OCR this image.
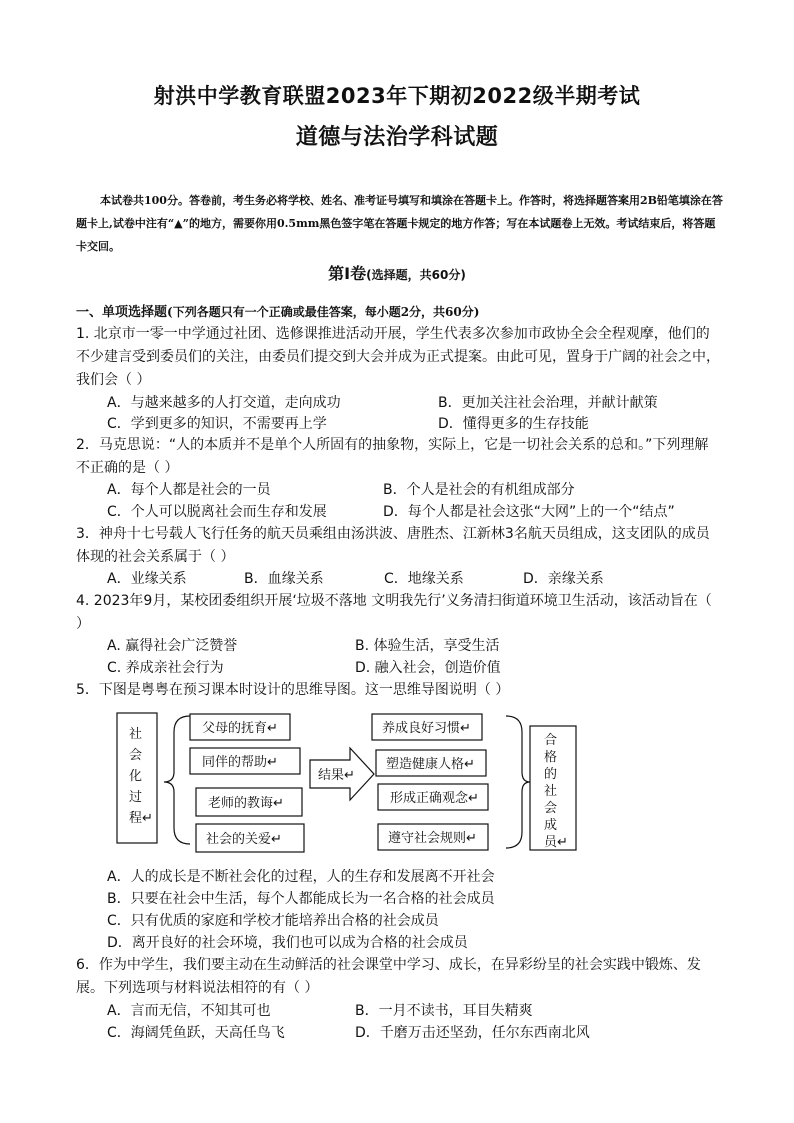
射洪中学教育联盟2023年下期初2022级半期考试
道德与法治学科试题
本试卷共100分。答卷前，考生务必将学校、姓名、准考证号填写和填涂在答题卡上。作答时，将选择题答案用2B铅笔填涂在答题卡上,试卷中注有“▲”的地方，需要你用0.5mm黑色签字笔在答题卡规定的地方作答；写在本试题卷上无效。考试结束后，将答题卡交回。
第Ⅰ卷(选择题，共60分)
一、单项选择题(下列各题只有一个正确或最佳答案，每小题2分，共60分)
1. 北京市一零一中学通过社团、选修课推进活动开展，学生代表多次参加市政协全会全程观摩，他们的不少建言受到委员们的关注，由委员们提交到大会并成为正式提案。由此可见，置身于广阔的社会之中，我们会（ ）
A．与越来越多的人打交道，走向成功	B．更加关注社会治理，并献计献策
C．学到更多的知识，不需要再上学	D．懂得更多的生存技能
2．马克思说：“人的本质并不是单个人所固有的抽象物，实际上，它是一切社会关系的总和。”下列理解不正确的是（ ）
A．每个人都是社会的一员	B．个人是社会的有机组成部分
C．个人可以脱离社会而生存和发展	D．每个人都是社会这张“大网”上的一个“结点”
3．神舟十七号载人飞行任务的航天员乘组由汤洪波、唐胜杰、江新林3名航天员组成，这支团队的成员体现的社会关系属于（ ）
A．业缘关系	B．血缘关系	C．地缘关系	D．亲缘关系
4. 2023年9月，某校团委组织开展‘垃圾不落地 文明我先行’义务清扫街道环境卫生活动，该活动旨在（ ）
A. 赢得社会广泛赞誉	B. 体验生活，享受生活
C. 养成亲社会行为	D. 融入社会，创造价值
5．下图是粤粤在预习课本时设计的思维导图。这一思维导图说明（ ）
社
会
化
过
程↵
父母的抚育↵
同伴的帮助↵
老师的教诲↵
社会的关爱↵
结果↵
养成良好习惯↵
塑造健康人格↵
形成正确观念↵
遵守社会规则↵
合
格
的
社
会
成
员↵
A．人的成长是不断社会化的过程，人的生存和发展离不开社会
B．只要在社会中生活，每个人都能成长为一名合格的社会成员
C．只有优质的家庭和学校才能培养出合格的社会成员
D．离开良好的社会环境，我们也可以成为合格的社会成员
6．作为中学生，我们要主动在生动鲜活的社会课堂中学习、成长，在异彩纷呈的社会实践中锻炼、发展。下列选项与材料说法相符的有（ ）
A．言而无信，不知其可也	B．一月不读书，耳目失精爽
C．海阔凭鱼跃，天高任鸟飞	D．千磨万击还坚劲，任尔东西南北风
